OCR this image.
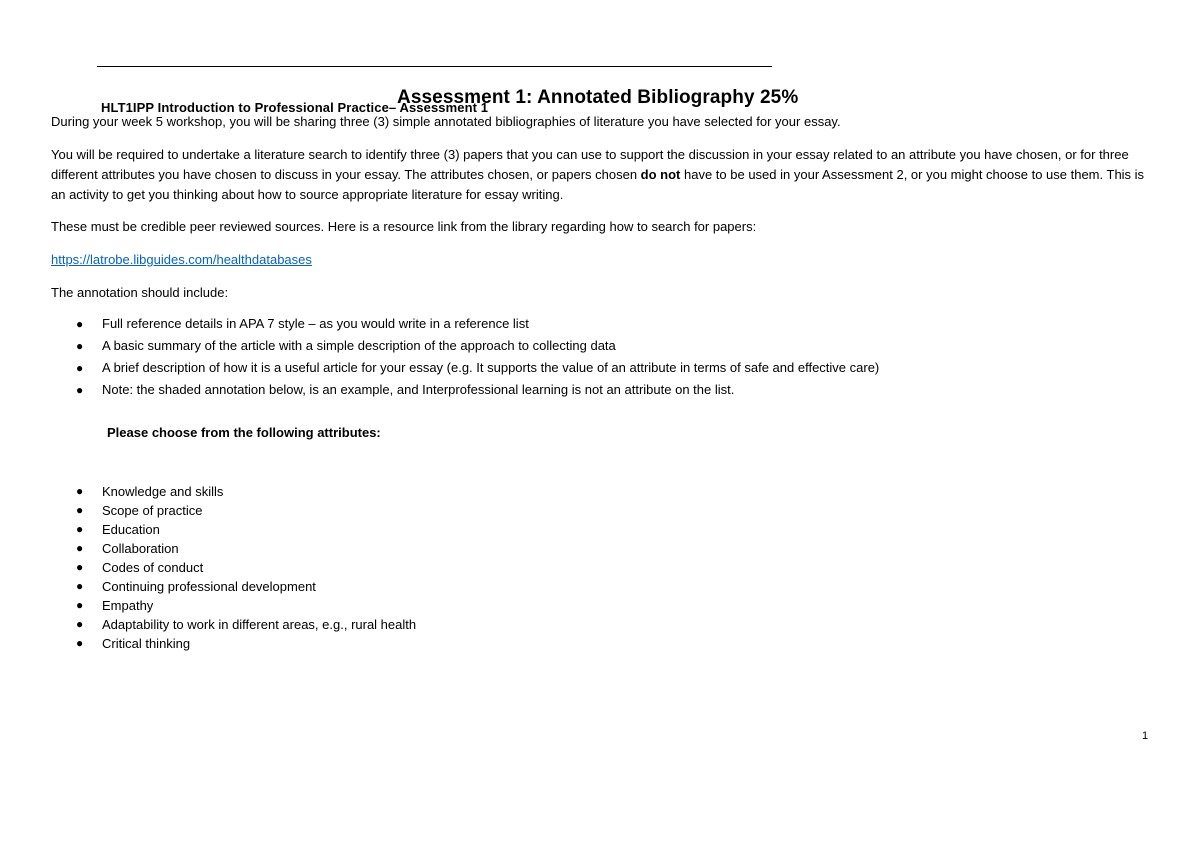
Assessment 1: Annotated Bibliography 25%
HLT1IPP Introduction to Professional Practice– Assessment 1

During your week 5 workshop, you will be sharing three (3) simple annotated bibliographies of literature you have selected for your essay.

You will be required to undertake a literature search to identify three (3) papers that you can use to support the discussion in your essay related to an attribute you have chosen, or for three different attributes you have chosen to discuss in your essay. The attributes chosen, or papers chosen do not have to be used in your Assessment 2, or you might choose to use them. This is an activity to get you thinking about how to source appropriate literature for essay writing.

These must be credible peer reviewed sources. Here is a resource link from the library regarding how to search for papers:

https://latrobe.libguides.com/healthdatabases

The annotation should include:

● Full reference details in APA 7 style – as you would write in a reference list
● A basic summary of the article with a simple description of the approach to collecting data
● A brief description of how it is a useful article for your essay (e.g. It supports the value of an attribute in terms of safe and effective care)
● Note: the shaded annotation below, is an example, and Interprofessional learning is not an attribute on the list.
Please choose from the following attributes:
● Knowledge and skills
● Scope of practice
● Education
● Collaboration
● Codes of conduct
● Continuing professional development
● Empathy
● Adaptability to work in different areas, e.g., rural health
● Critical thinking
1
